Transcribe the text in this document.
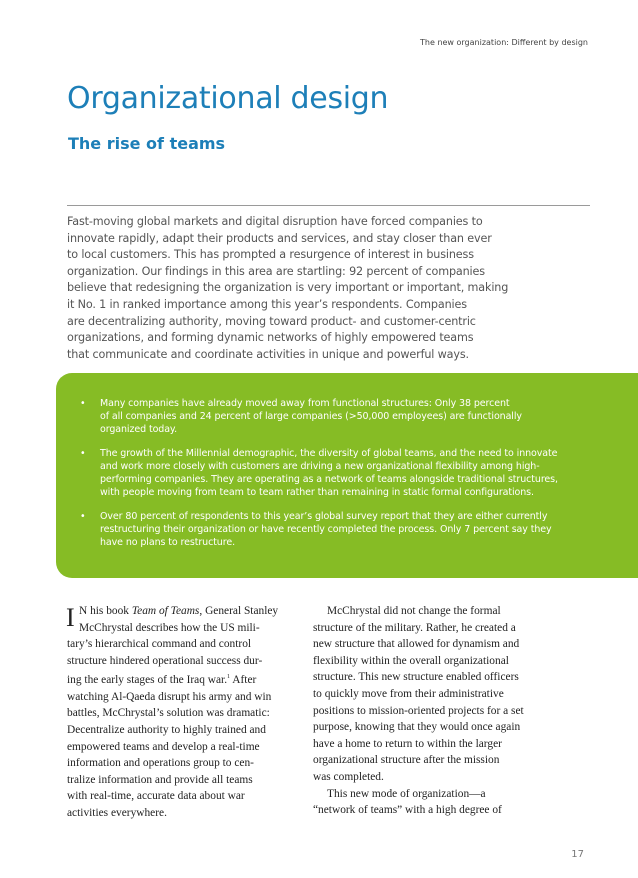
The new organization: Different by design
Organizational design
The rise of teams

Fast-moving global markets and digital disruption have forced companies to
innovate rapidly, adapt their products and services, and stay closer than ever
to local customers. This has prompted a resurgence of interest in business
organization. Our findings in this area are startling: 92 percent of companies
believe that redesigning the organization is very important or important, making
it No. 1 in ranked importance among this year’s respondents. Companies
are decentralizing authority, moving toward product- and customer-centric
organizations, and forming dynamic networks of highly empowered teams
that communicate and coordinate activities in unique and powerful ways.

• Many companies have already moved away from functional structures: Only 38 percent
of all companies and 24 percent of large companies (>50,000 employees) are functionally
organized today.
• The growth of the Millennial demographic, the diversity of global teams, and the need to innovate
and work more closely with customers are driving a new organizational flexibility among high-
performing companies. They are operating as a network of teams alongside traditional structures,
with people moving from team to team rather than remaining in static formal configurations.
• Over 80 percent of respondents to this year’s global survey report that they are either currently
restructuring their organization or have recently completed the process. Only 7 percent say they
have no plans to restructure.
I N his book Team of Teams, General Stanley
McChrystal describes how the US mili-
tary’s hierarchical command and control
structure hindered operational success dur-
ing the early stages of the Iraq war.$^1$ After
watching Al-Qaeda disrupt his army and win
battles, McChrystal’s solution was dramatic:
Decentralize authority to highly trained and
empowered teams and develop a real-time
information and operations group to cen-
tralize information and provide all teams
with real-time, accurate data about war
activities everywhere.
McChrystal did not change the formal
structure of the military. Rather, he created a
new structure that allowed for dynamism and
flexibility within the overall organizational
structure. This new structure enabled officers
to quickly move from their administrative
positions to mission-oriented projects for a set
purpose, knowing that they would once again
have a home to return to within the larger
organizational structure after the mission
was completed.
This new mode of organization—a
“network of teams” with a high degree of
17
